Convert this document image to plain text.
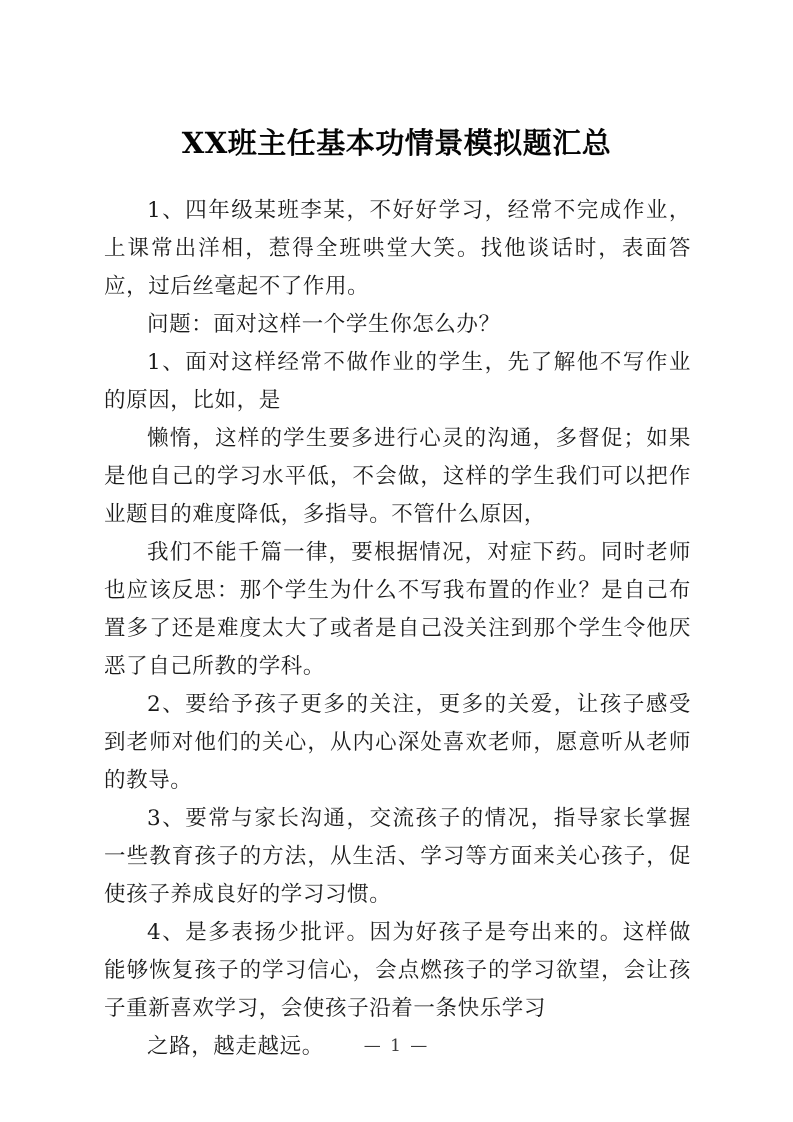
XX班主任基本功情景模拟题汇总

1、四年级某班李某，不好好学习，经常不完成作业，上课常出洋相，惹得全班哄堂大笑。找他谈话时，表面答应，过后丝毫起不了作用。

问题：面对这样一个学生你怎么办？

1、面对这样经常不做作业的学生，先了解他不写作业的原因，比如，是

懒惰，这样的学生要多进行心灵的沟通，多督促；如果是他自己的学习水平低，不会做，这样的学生我们可以把作业题目的难度降低，多指导。不管什么原因，

我们不能千篇一律，要根据情况，对症下药。同时老师也应该反思：那个学生为什么不写我布置的作业？是自己布置多了还是难度太大了或者是自己没关注到那个学生令他厌恶了自己所教的学科。

2、要给予孩子更多的关注，更多的关爱，让孩子感受到老师对他们的关心，从内心深处喜欢老师，愿意听从老师的教导。

3、要常与家长沟通，交流孩子的情况，指导家长掌握一些教育孩子的方法，从生活、学习等方面来关心孩子，促使孩子养成良好的学习习惯。

4、是多表扬少批评。因为好孩子是夸出来的。这样做能够恢复孩子的学习信心，会点燃孩子的学习欲望，会让孩子重新喜欢学习，会使孩子沿着一条快乐学习

之路，越走越远。	— 1 —
